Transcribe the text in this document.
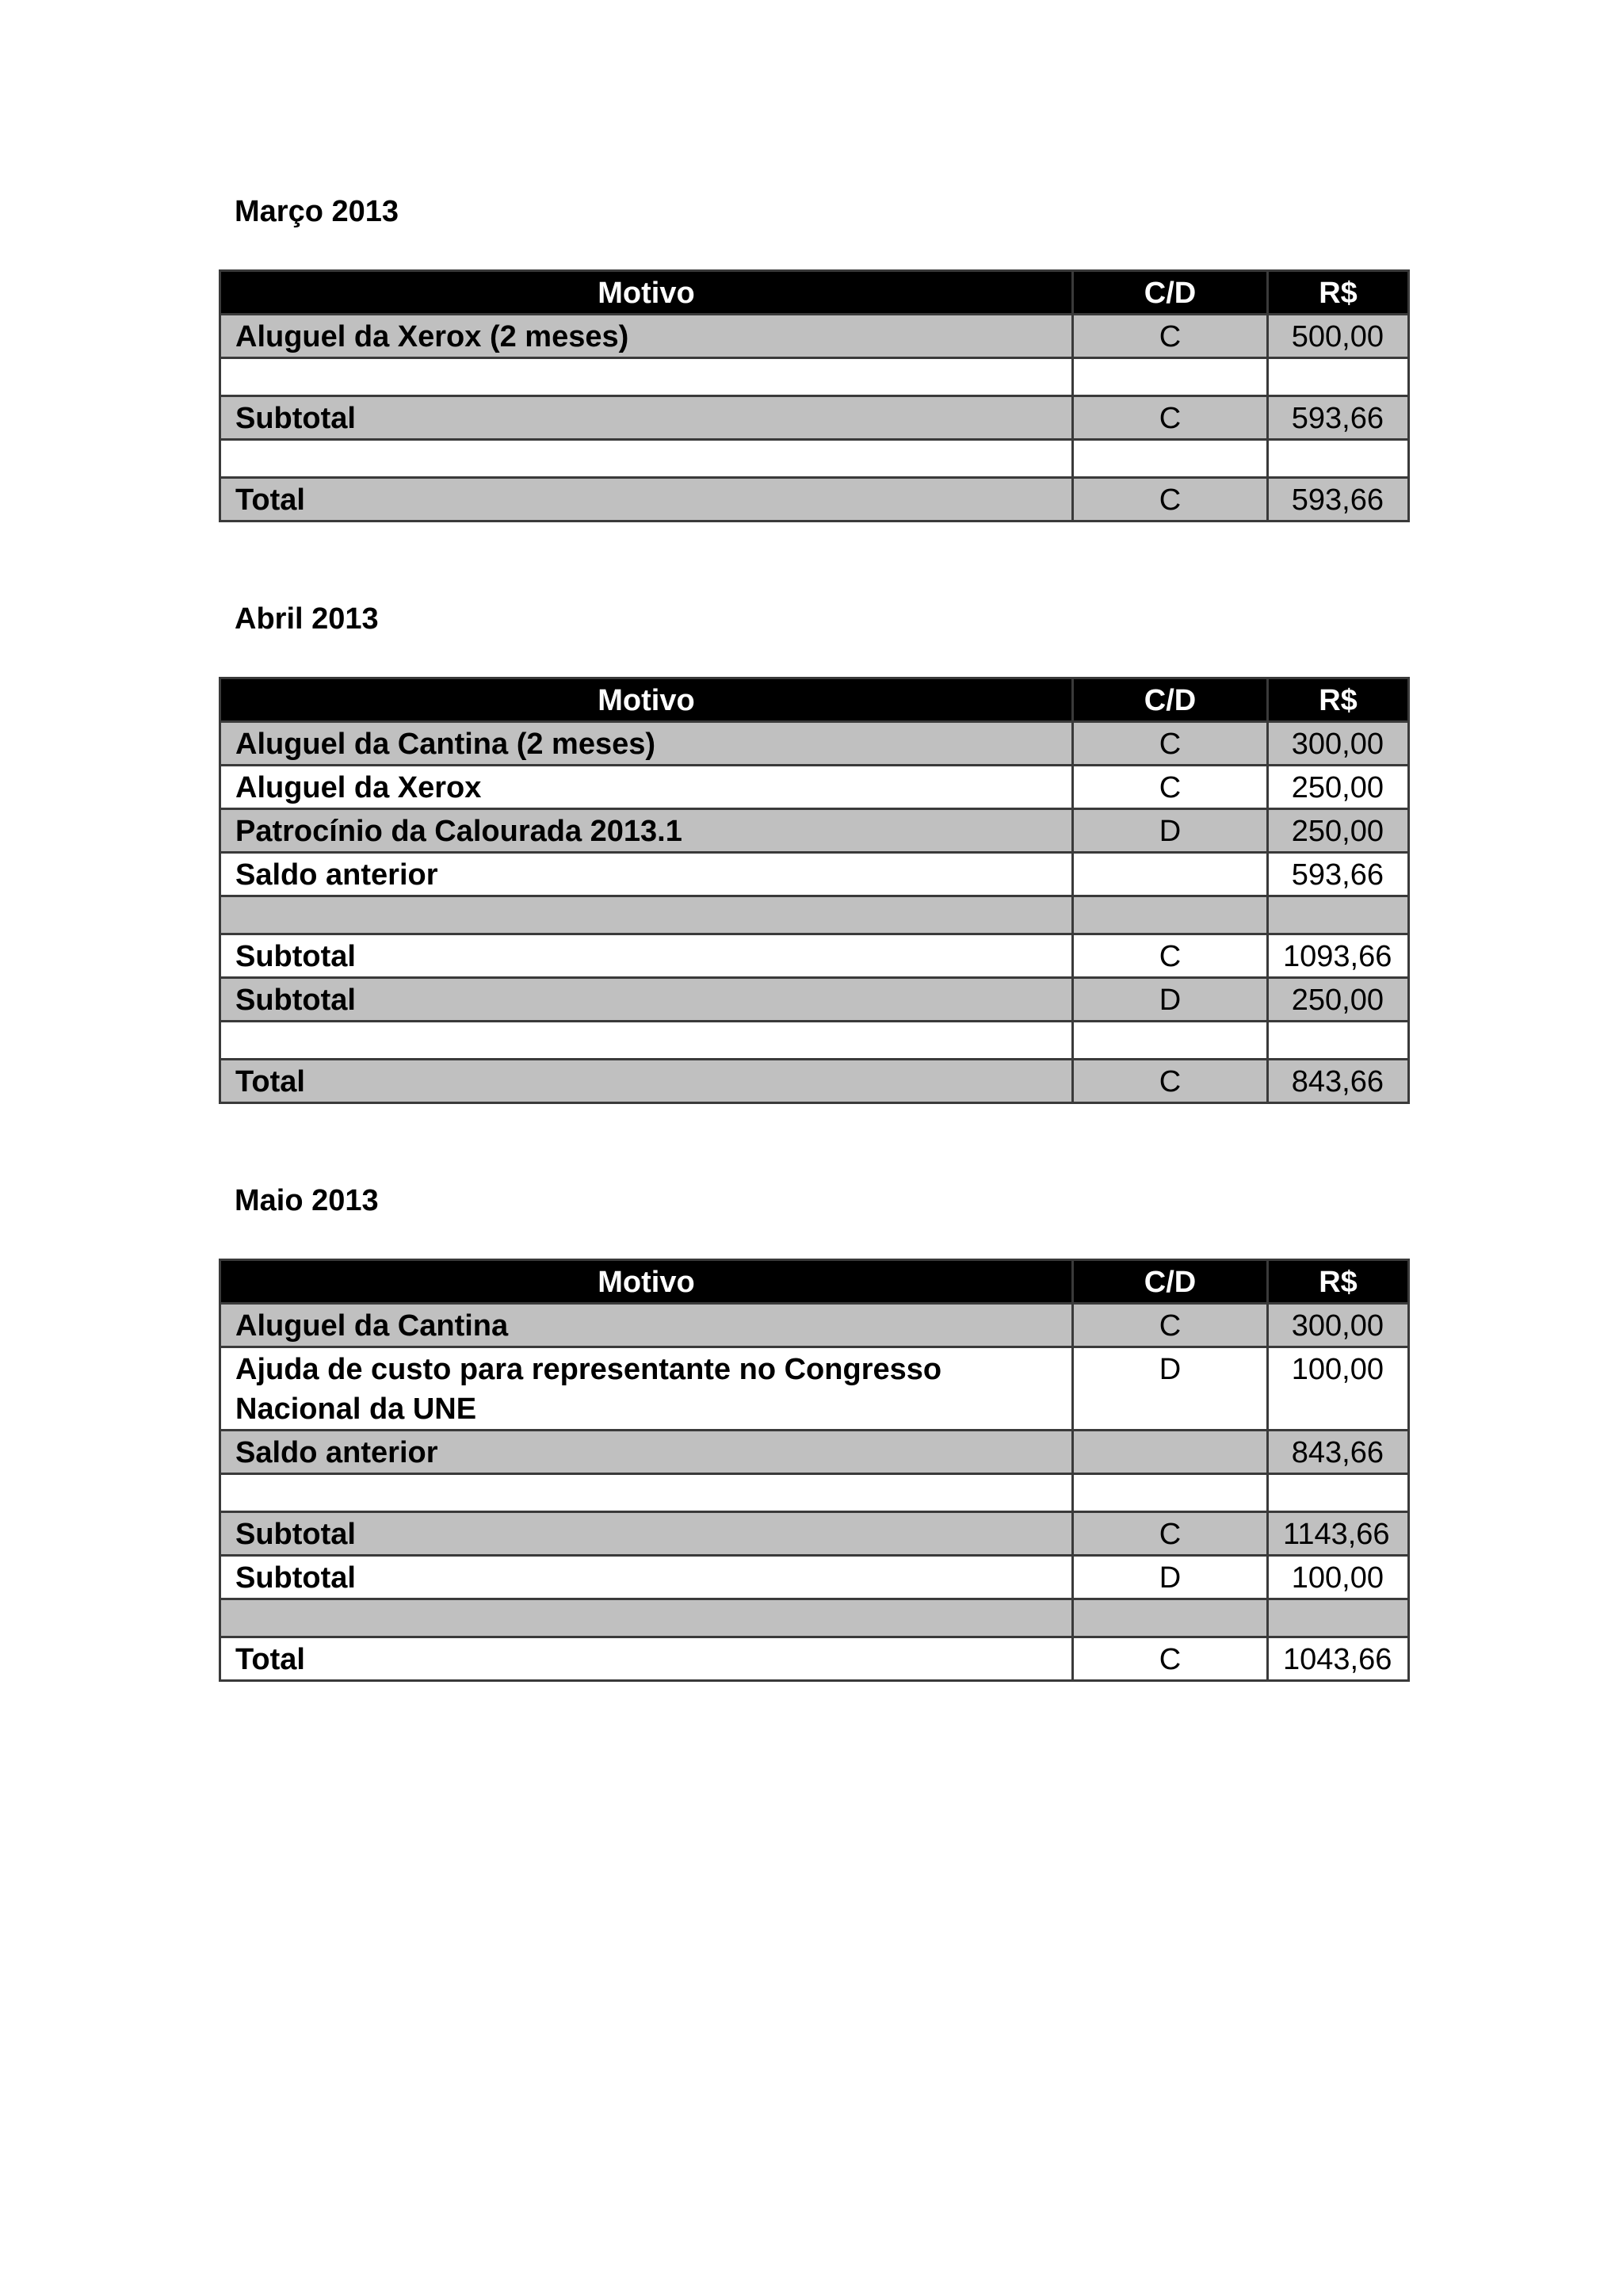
Março 2013
Motivo	C/D	R$
Aluguel da Xerox (2 meses)	C	500,00

Subtotal	C	593,66

Total	C	593,66
Abril 2013
Motivo	C/D	R$
Aluguel da Cantina (2 meses)	C	300,00
Aluguel da Xerox	C	250,00
Patrocínio da Calourada 2013.1	D	250,00
Saldo anterior		593,66

Subtotal	C	1093,66
Subtotal	D	250,00

Total	C	843,66
Maio 2013
Motivo	C/D	R$
Aluguel da Cantina	C	300,00
Ajuda de custo para representante no Congresso Nacional da UNE	D	100,00
Saldo anterior		843,66

Subtotal	C	1143,66
Subtotal	D	100,00

Total	C	1043,66
